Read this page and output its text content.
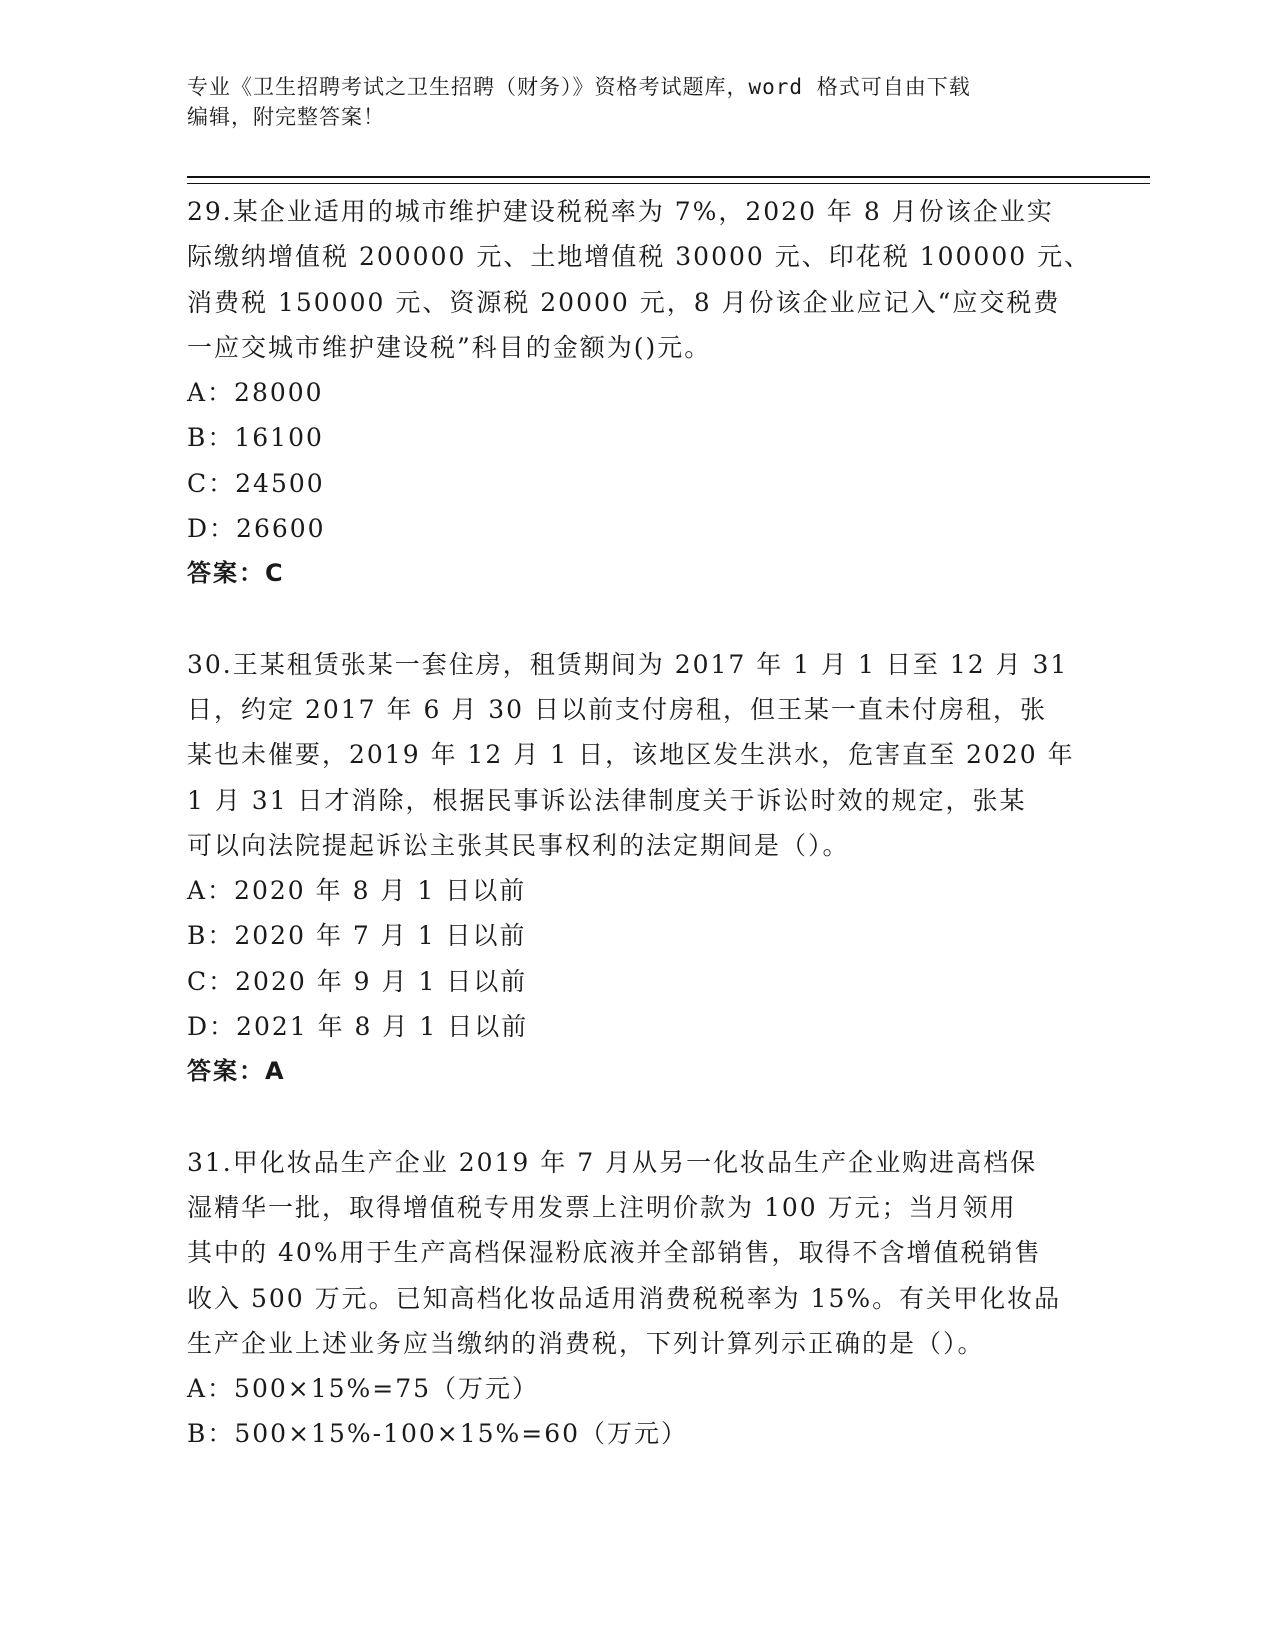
专业《卫生招聘考试之卫生招聘（财务）》资格考试题库，word 格式可自由下载
编辑，附完整答案！
29.某企业适用的城市维护建设税税率为 7%，2020 年 8 月份该企业实
际缴纳增值税 200000 元、土地增值税 30000 元、印花税 100000 元、
消费税 150000 元、资源税 20000 元，8 月份该企业应记入“应交税费
一应交城市维护建设税”科目的金额为()元。
A：28000
B：16100
C：24500
D：26600
答案：C
30.王某租赁张某一套住房，租赁期间为 2017 年 1 月 1 日至 12 月 31
日，约定 2017 年 6 月 30 日以前支付房租，但王某一直未付房租，张
某也未催要，2019 年 12 月 1 日，该地区发生洪水，危害直至 2020 年
1 月 31 日才消除，根据民事诉讼法律制度关于诉讼时效的规定，张某
可以向法院提起诉讼主张其民事权利的法定期间是（）。
A：2020 年 8 月 1 日以前
B：2020 年 7 月 1 日以前
C：2020 年 9 月 1 日以前
D：2021 年 8 月 1 日以前
答案：A
31.甲化妆品生产企业 2019 年 7 月从另一化妆品生产企业购进高档保
湿精华一批，取得增值税专用发票上注明价款为 100 万元；当月领用
其中的 40%用于生产高档保湿粉底液并全部销售，取得不含增值税销售
收入 500 万元。已知高档化妆品适用消费税税率为 15%。有关甲化妆品
生产企业上述业务应当缴纳的消费税，下列计算列示正确的是（）。
A：500×15%=75（万元）
B：500×15%-100×15%=60（万元）
